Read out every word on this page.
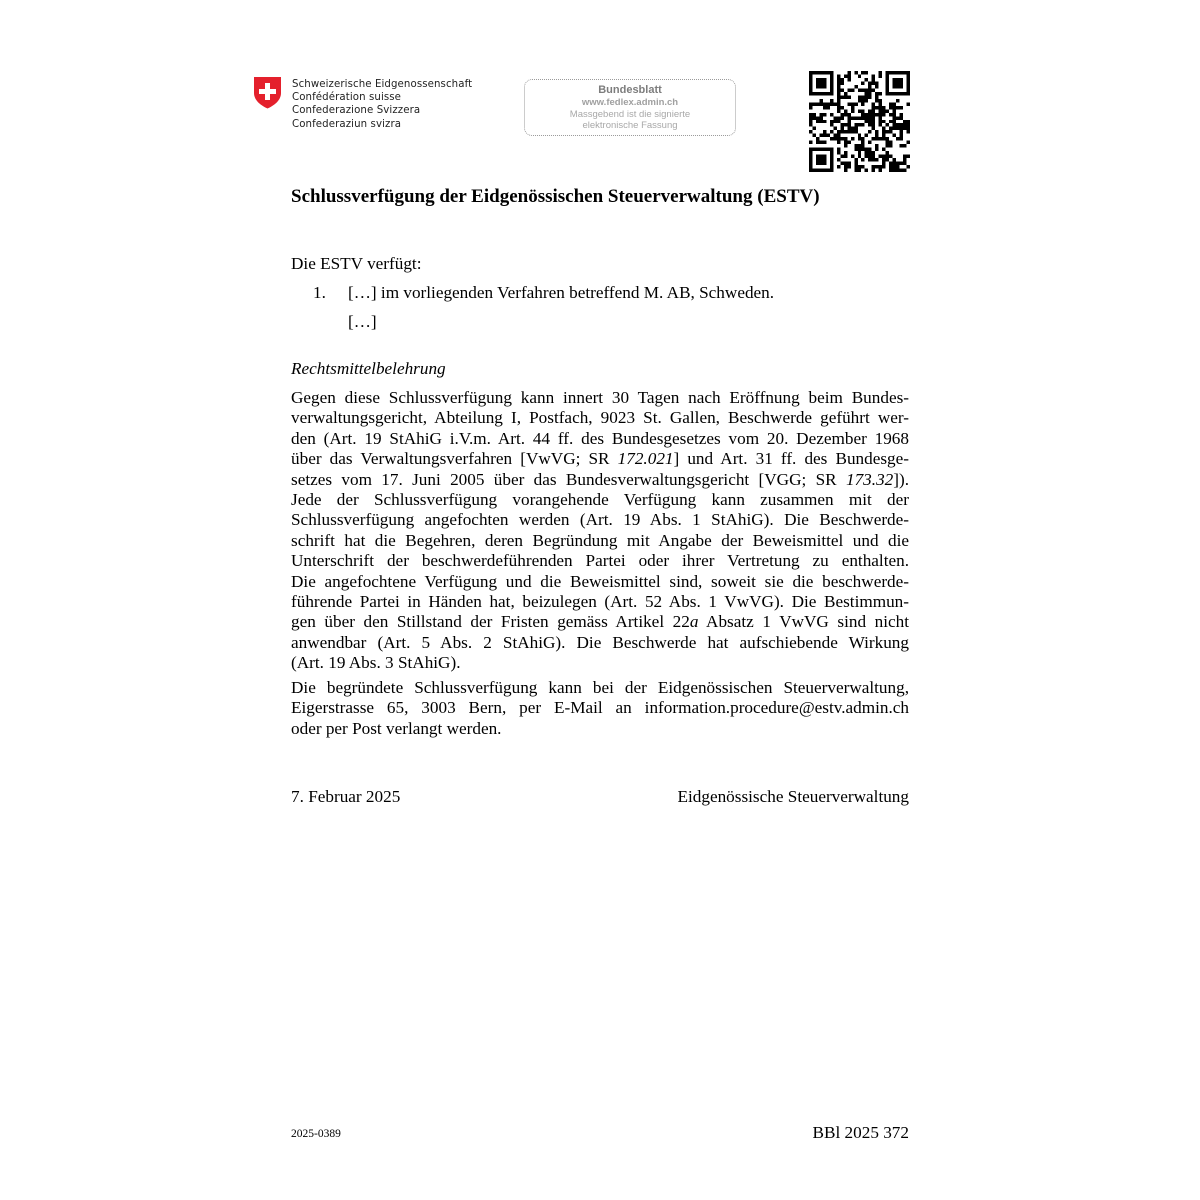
Schweizerische Eidgenossenschaft
Confédération suisse
Confederazione Svizzera
Confederaziun svizra
Bundesblatt
www.fedlex.admin.ch
Massgebend ist die signierte
elektronische Fassung
Schlussverfügung der Eidgenössischen Steuerverwaltung (ESTV)
Die ESTV verfügt:
1. […] im vorliegenden Verfahren betreffend M. AB, Schweden.
[…]
Rechtsmittelbelehrung
Gegen diese Schlussverfügung kann innert 30 Tagen nach Eröffnung beim Bundes-
verwaltungsgericht, Abteilung I, Postfach, 9023 St. Gallen, Beschwerde geführt wer-
den (Art. 19 StAhiG i.V.m. Art. 44 ff. des Bundesgesetzes vom 20. Dezember 1968
über das Verwaltungsverfahren [VwVG; SR 172.021] und Art. 31 ff. des Bundesge-
setzes vom 17. Juni 2005 über das Bundesverwaltungsgericht [VGG; SR 173.32]).
Jede der Schlussverfügung vorangehende Verfügung kann zusammen mit der
Schlussverfügung angefochten werden (Art. 19 Abs. 1 StAhiG). Die Beschwerde-
schrift hat die Begehren, deren Begründung mit Angabe der Beweismittel und die
Unterschrift der beschwerdeführenden Partei oder ihrer Vertretung zu enthalten.
Die angefochtene Verfügung und die Beweismittel sind, soweit sie die beschwerde-
führende Partei in Händen hat, beizulegen (Art. 52 Abs. 1 VwVG). Die Bestimmun-
gen über den Stillstand der Fristen gemäss Artikel 22a Absatz 1 VwVG sind nicht
anwendbar (Art. 5 Abs. 2 StAhiG). Die Beschwerde hat aufschiebende Wirkung
(Art. 19 Abs. 3 StAhiG).
Die begründete Schlussverfügung kann bei der Eidgenössischen Steuerverwaltung,
Eigerstrasse 65, 3003 Bern, per E-Mail an information.procedure@estv.admin.ch
oder per Post verlangt werden.
7. Februar 2025	Eidgenössische Steuerverwaltung
2025-0389	BBl 2025 372
